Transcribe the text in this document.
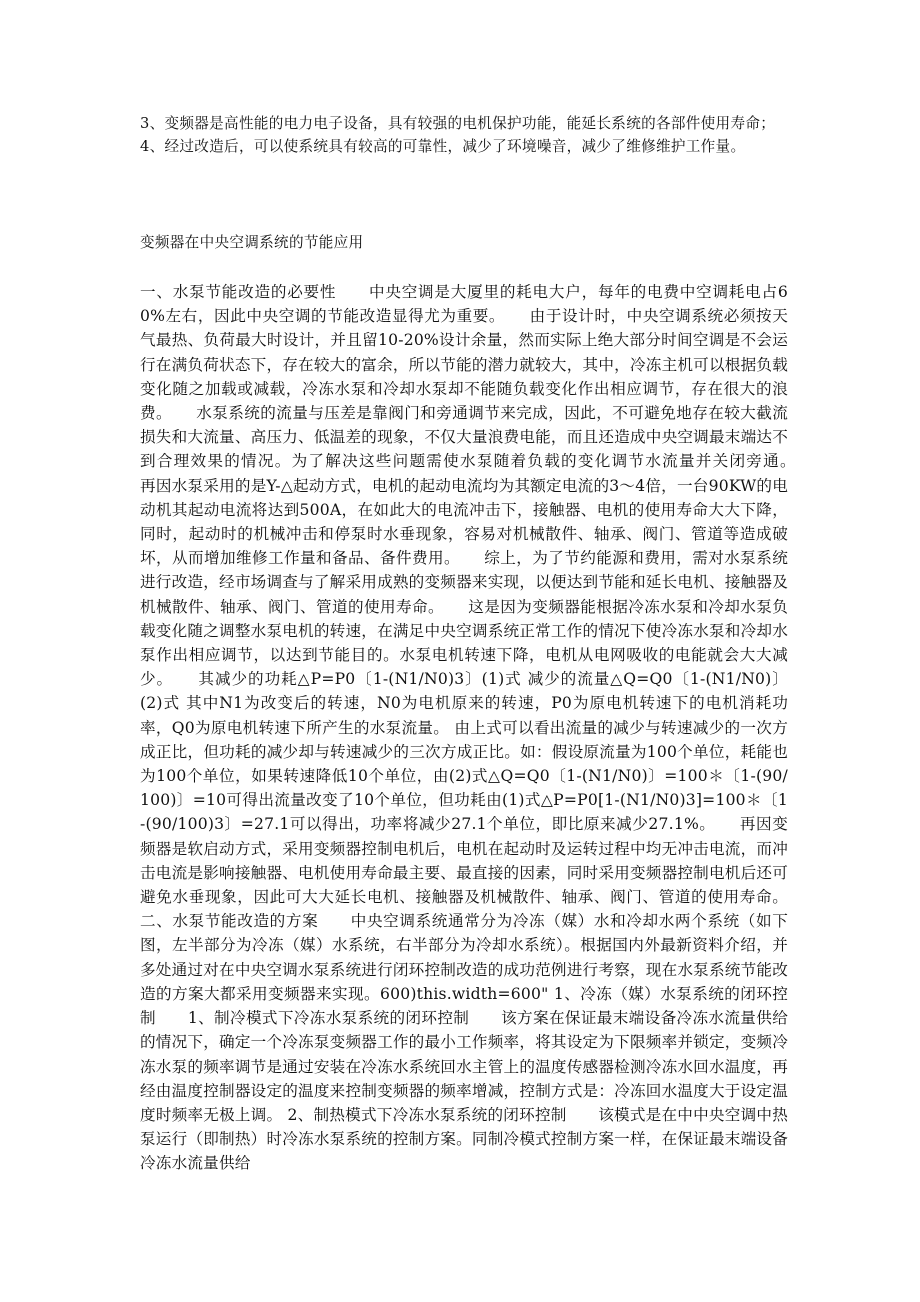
3、变频器是高性能的电力电子设备，具有较强的电机保护功能，能延长系统的各部件使用寿命；

4、经过改造后，可以使系统具有较高的可靠性，减少了环境噪音，减少了维修维护工作量。

变频器在中央空调系统的节能应用

一、水泵节能改造的必要性　　中央空调是大厦里的耗电大户，每年的电费中空调耗电占60%左右，因此中央空调的节能改造显得尤为重要。　　由于设计时，中央空调系统必须按天气最热、负荷最大时设计，并且留10-20%设计余量，然而实际上绝大部分时间空调是不会运行在满负荷状态下，存在较大的富余，所以节能的潜力就较大，其中，冷冻主机可以根据负载变化随之加载或减载，冷冻水泵和冷却水泵却不能随负载变化作出相应调节，存在很大的浪费。　　水泵系统的流量与压差是靠阀门和旁通调节来完成，因此，不可避免地存在较大截流损失和大流量、高压力、低温差的现象，不仅大量浪费电能，而且还造成中央空调最末端达不到合理效果的情况。为了解决这些问题需使水泵随着负载的变化调节水流量并关闭旁通。　　再因水泵采用的是Y-△起动方式，电机的起动电流均为其额定电流的3～4倍，一台90KW的电动机其起动电流将达到500A，在如此大的电流冲击下，接触器、电机的使用寿命大大下降，同时，起动时的机械冲击和停泵时水垂现象，容易对机械散件、轴承、阀门、管道等造成破坏，从而增加维修工作量和备品、备件费用。　　综上，为了节约能源和费用，需对水泵系统进行改造，经市场调查与了解采用成熟的变频器来实现，以便达到节能和延长电机、接触器及机械散件、轴承、阀门、管道的使用寿命。　　这是因为变频器能根据冷冻水泵和冷却水泵负载变化随之调整水泵电机的转速，在满足中央空调系统正常工作的情况下使冷冻水泵和冷却水泵作出相应调节，以达到节能目的。水泵电机转速下降，电机从电网吸收的电能就会大大减少。　　其减少的功耗△P=P0〔1-(N1/N0)3〕(1)式 减少的流量△Q=Q0〔1-(N1/N0)〕(2)式 其中N1为改变后的转速，N0为电机原来的转速，P0为原电机转速下的电机消耗功率，Q0为原电机转速下所产生的水泵流量。 由上式可以看出流量的减少与转速减少的一次方成正比，但功耗的减少却与转速减少的三次方成正比。如：假设原流量为100个单位，耗能也为100个单位，如果转速降低10个单位，由(2)式△Q=Q0〔1-(N1/N0)〕=100＊〔1-(90/100)〕=10可得出流量改变了10个单位，但功耗由(1)式△P=P0[1-(N1/N0)3]=100＊〔1-(90/100)3〕=27.1可以得出，功率将减少27.1个单位，即比原来减少27.1%。　　再因变频器是软启动方式，采用变频器控制电机后，电机在起动时及运转过程中均无冲击电流，而冲击电流是影响接触器、电机使用寿命最主要、最直接的因素，同时采用变频器控制电机后还可避免水垂现象，因此可大大延长电机、接触器及机械散件、轴承、阀门、管道的使用寿命。 二、水泵节能改造的方案　　中央空调系统通常分为冷冻（媒）水和冷却水两个系统（如下图，左半部分为冷冻（媒）水系统，右半部分为冷却水系统）。根据国内外最新资料介绍，并多处通过对在中央空调水泵系统进行闭环控制改造的成功范例进行考察，现在水泵系统节能改造的方案大都采用变频器来实现。600)this.width=600" 1、冷冻（媒）水泵系统的闭环控制　　1、制冷模式下冷冻水泵系统的闭环控制　　该方案在保证最末端设备冷冻水流量供给的情况下，确定一个冷冻泵变频器工作的最小工作频率，将其设定为下限频率并锁定，变频冷冻水泵的频率调节是通过安装在冷冻水系统回水主管上的温度传感器检测冷冻水回水温度，再经由温度控制器设定的温度来控制变频器的频率增减，控制方式是：冷冻回水温度大于设定温度时频率无极上调。 2、制热模式下冷冻水泵系统的闭环控制　　该模式是在中中央空调中热泵运行（即制热）时冷冻水泵系统的控制方案。同制冷模式控制方案一样，在保证最末端设备冷冻水流量供给
